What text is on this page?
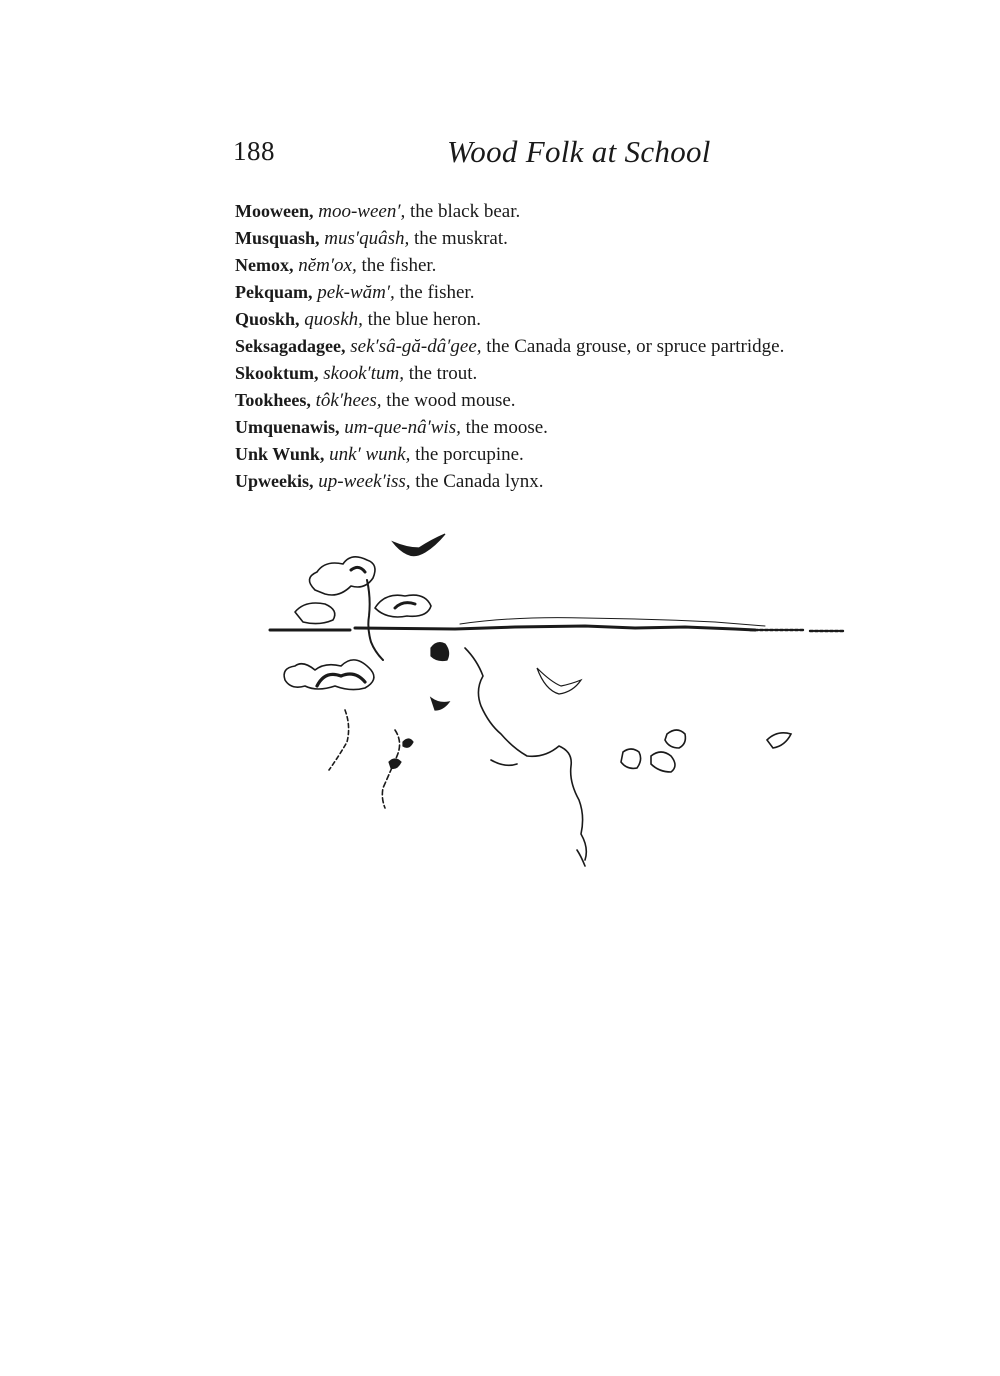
188	Wood Folk at School
Mooween, moo-ween′, the black bear.
Musquash, mus′quâsh, the muskrat.
Nemox, nĕm′ox, the fisher.
Pekquam, pek-wăm′, the fisher.
Quoskh, quoskh, the blue heron.
Seksagadagee, sek′sâ-gă-dâ′gee, the Canada grouse, or spruce partridge.
Skooktum, skook′tum, the trout.
Tookhees, tôk′hees, the wood mouse.
Umquenawis, um-que-nâ′wis, the moose.
Unk Wunk, unk′ wunk, the porcupine.
Upweekis, up-week′iss, the Canada lynx.
